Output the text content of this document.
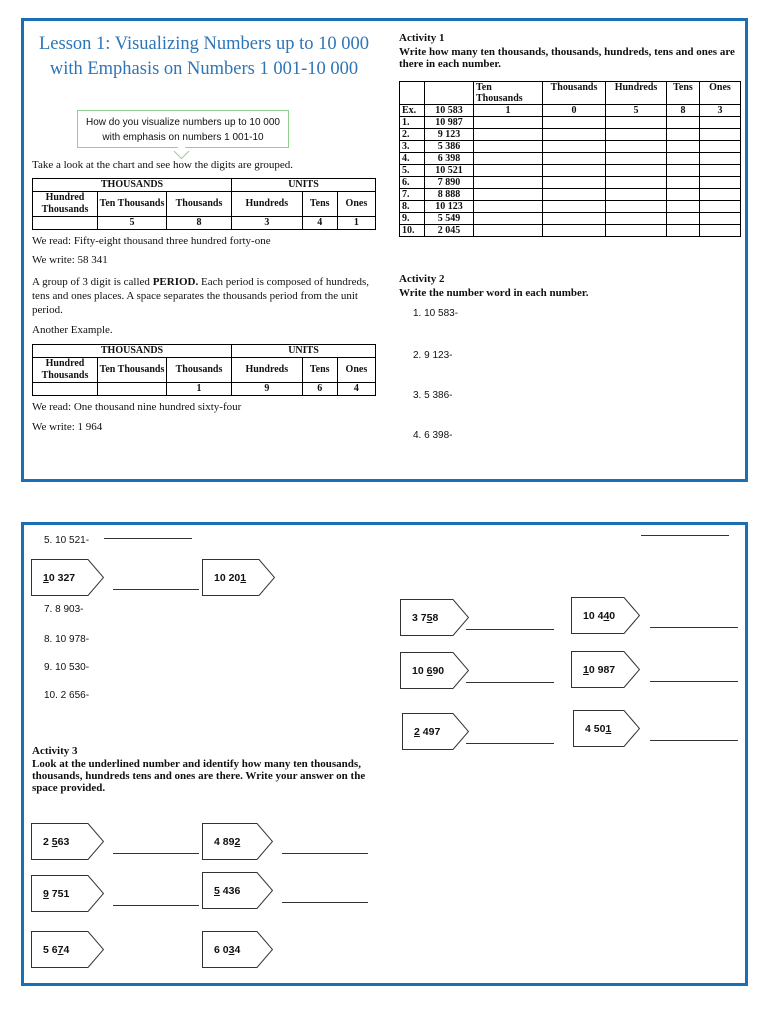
Lesson 1: Visualizing Numbers up to 10 000 with Emphasis on Numbers 1 001-10 000
How do you visualize numbers up to 10 000 with emphasis on numbers 1 001-10
Take a look at the chart and see how the digits are grouped.
THOUSANDS			UNITS		
Hundred Thousands	Ten Thousands	Thousands	Hundreds	Tens	Ones
	5	8	3	4	1
We read: Fifty-eight thousand three hundred forty-one
We write: 58 341
A group of 3 digit is called PERIOD. Each period is composed of hundreds, tens and ones places. A space separates the thousands period from the unit period.
Another Example.
THOUSANDS			UNITS		
Hundred Thousands	Ten Thousands	Thousands	Hundreds	Tens	Ones
		1	9	6	4
We read: One thousand nine hundred sixty-four
We write: 1 964
Activity 1
Write how many ten thousands, thousands, hundreds, tens and ones are there in each number.
		Ten Thousands	Thousands	Hundreds	Tens	Ones
Ex.	10 583	1	0	5	8	3
1.	10 987					
2.	9 123					
3.	5 386					
4.	6 398					
5.	10 521					
6.	7 890					
7.	8 888					
8.	10 123					
9.	5 549					
10.	2 045					
Activity 2
Write the number word in each number.
1. 10 583-
2. 9 123-
3. 5 386-
4. 6 398-
5. 10 521-
7. 8 903-
8. 10 978-
9. 10 530-
10. 2 656-
Activity 3
Look at the underlined number and identify how many ten thousands, thousands, hundreds tens and ones are there. Write your answer on the space provided.
10 327	10 201
3 758	10 440
10 690	10 987
2 497	4 501
2 563	4 892
9 751	5 436
5 674	6 034
